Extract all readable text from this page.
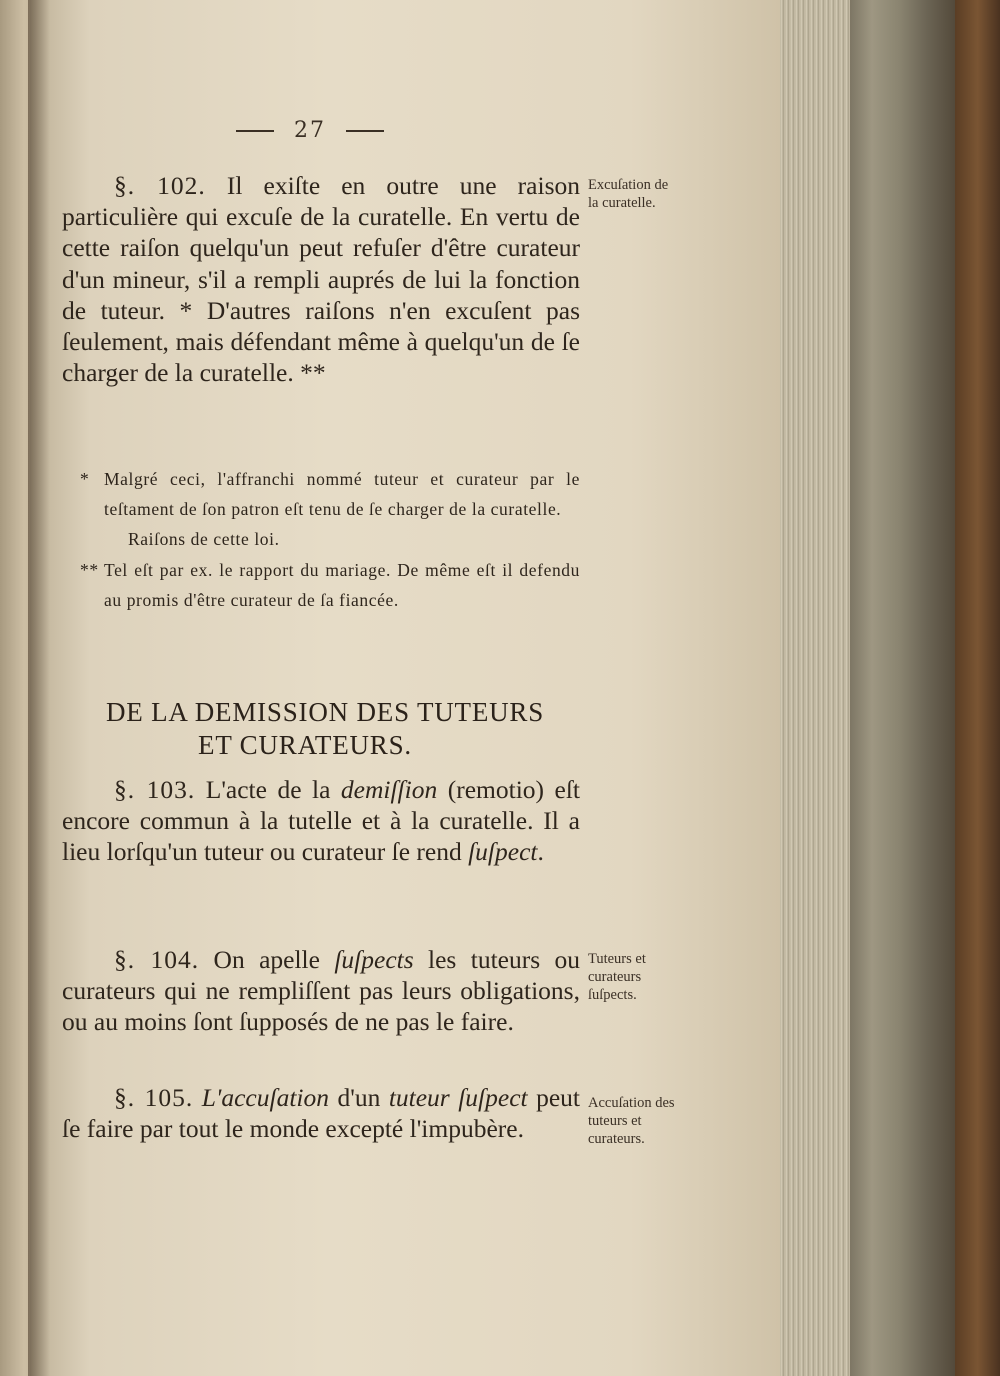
27

§. 102. Il exiſte en outre une raison particulière qui excuſe de la curatelle. En vertu de cette raiſon quelqu'un peut refuſer d'être curateur d'un mineur, s'il a rempli auprés de lui la fonction de tuteur. * D'autres raiſons n'en excuſent pas ſeulement, mais défendant même à quelqu'un de ſe charger de la curatelle. **

Excuſation de la curatelle.

* Malgré ceci, l'affranchi nommé tuteur et curateur par le teſtament de ſon patron eſt tenu de ſe charger de la curatelle.

Raiſons de cette loi.

** Tel eſt par ex. le rapport du mariage. De même eſt il defendu au promis d'être curateur de ſa fiancée.

DE LA DEMISSION DES TUTEURS
ET CURATEURS.

§. 103. L'acte de la demiſſion (remotio) eſt encore commun à la tutelle et à la curatelle. Il a lieu lorſqu'un tuteur ou curateur ſe rend ſuſpect.

§. 104. On apelle ſuſpects les tuteurs ou curateurs qui ne rempliſſent pas leurs obligations, ou au moins ſont ſupposés de ne pas le faire.

Tuteurs et curateurs ſuſpects.

§. 105. L'accuſation d'un tuteur ſuſpect peut ſe faire par tout le monde excepté l'impubère.

Accuſation des tuteurs et curateurs.
